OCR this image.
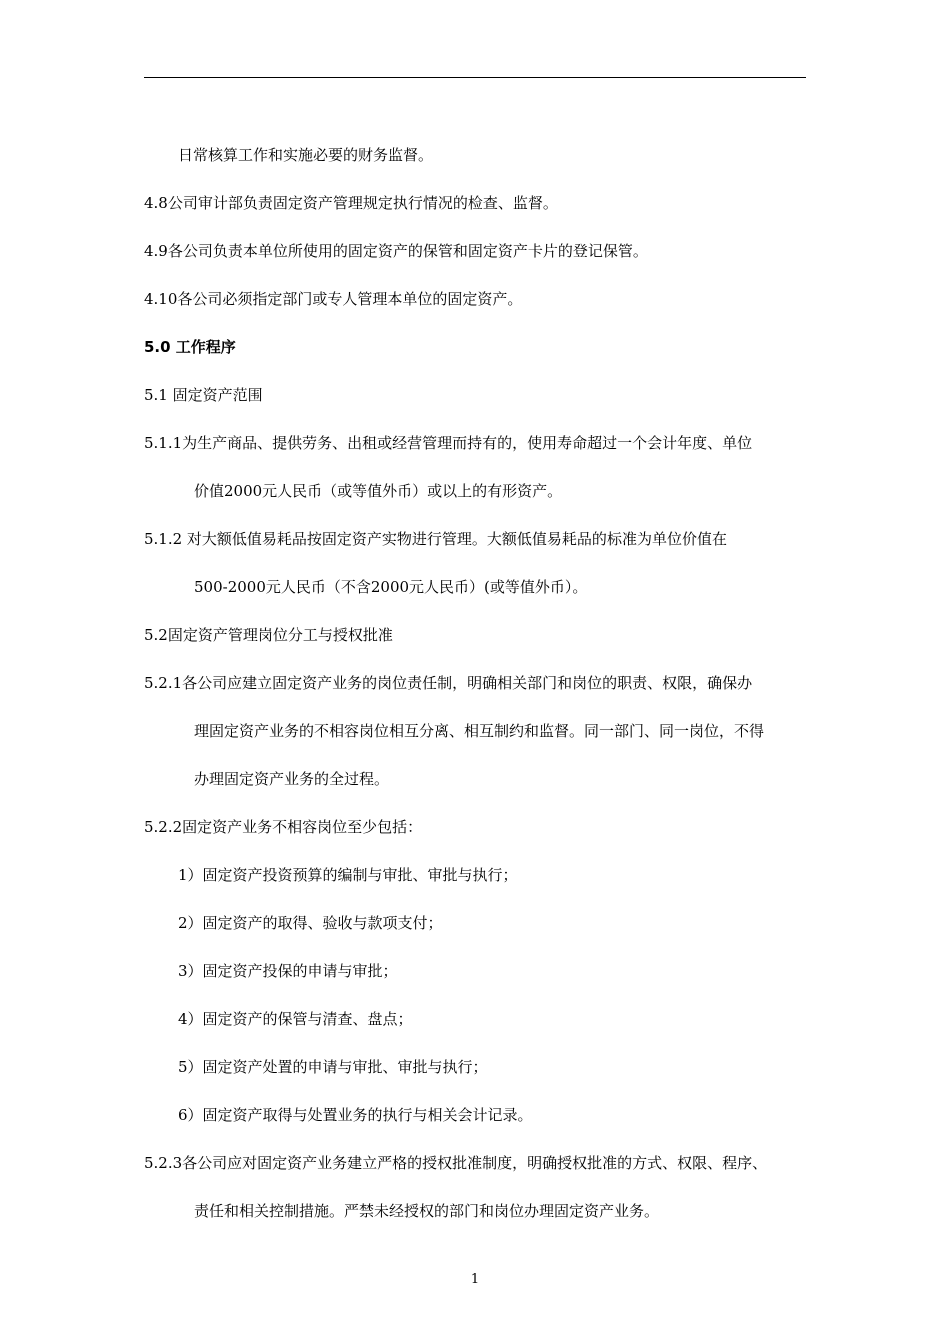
日常核算工作和实施必要的财务监督。
4.8公司审计部负责固定资产管理规定执行情况的检查、监督。
4.9各公司负责本单位所使用的固定资产的保管和固定资产卡片的登记保管。
4.10各公司必须指定部门或专人管理本单位的固定资产。
5.0 工作程序
5.1 固定资产范围
5.1.1为生产商品、提供劳务、出租或经营管理而持有的，使用寿命超过一个会计年度、单位
价值2000元人民币（或等值外币）或以上的有形资产。
5.1.2 对大额低值易耗品按固定资产实物进行管理。大额低值易耗品的标准为单位价值在
500-2000元人民币（不含2000元人民币）(或等值外币）。
5.2固定资产管理岗位分工与授权批准
5.2.1各公司应建立固定资产业务的岗位责任制，明确相关部门和岗位的职责、权限，确保办
理固定资产业务的不相容岗位相互分离、相互制约和监督。同一部门、同一岗位，不得
办理固定资产业务的全过程。
5.2.2固定资产业务不相容岗位至少包括：
1）固定资产投资预算的编制与审批、审批与执行；
2）固定资产的取得、验收与款项支付；
3）固定资产投保的申请与审批；
4）固定资产的保管与清查、盘点；
5）固定资产处置的申请与审批、审批与执行；
6）固定资产取得与处置业务的执行与相关会计记录。
5.2.3各公司应对固定资产业务建立严格的授权批准制度，明确授权批准的方式、权限、程序、
责任和相关控制措施。严禁未经授权的部门和岗位办理固定资产业务。
1
